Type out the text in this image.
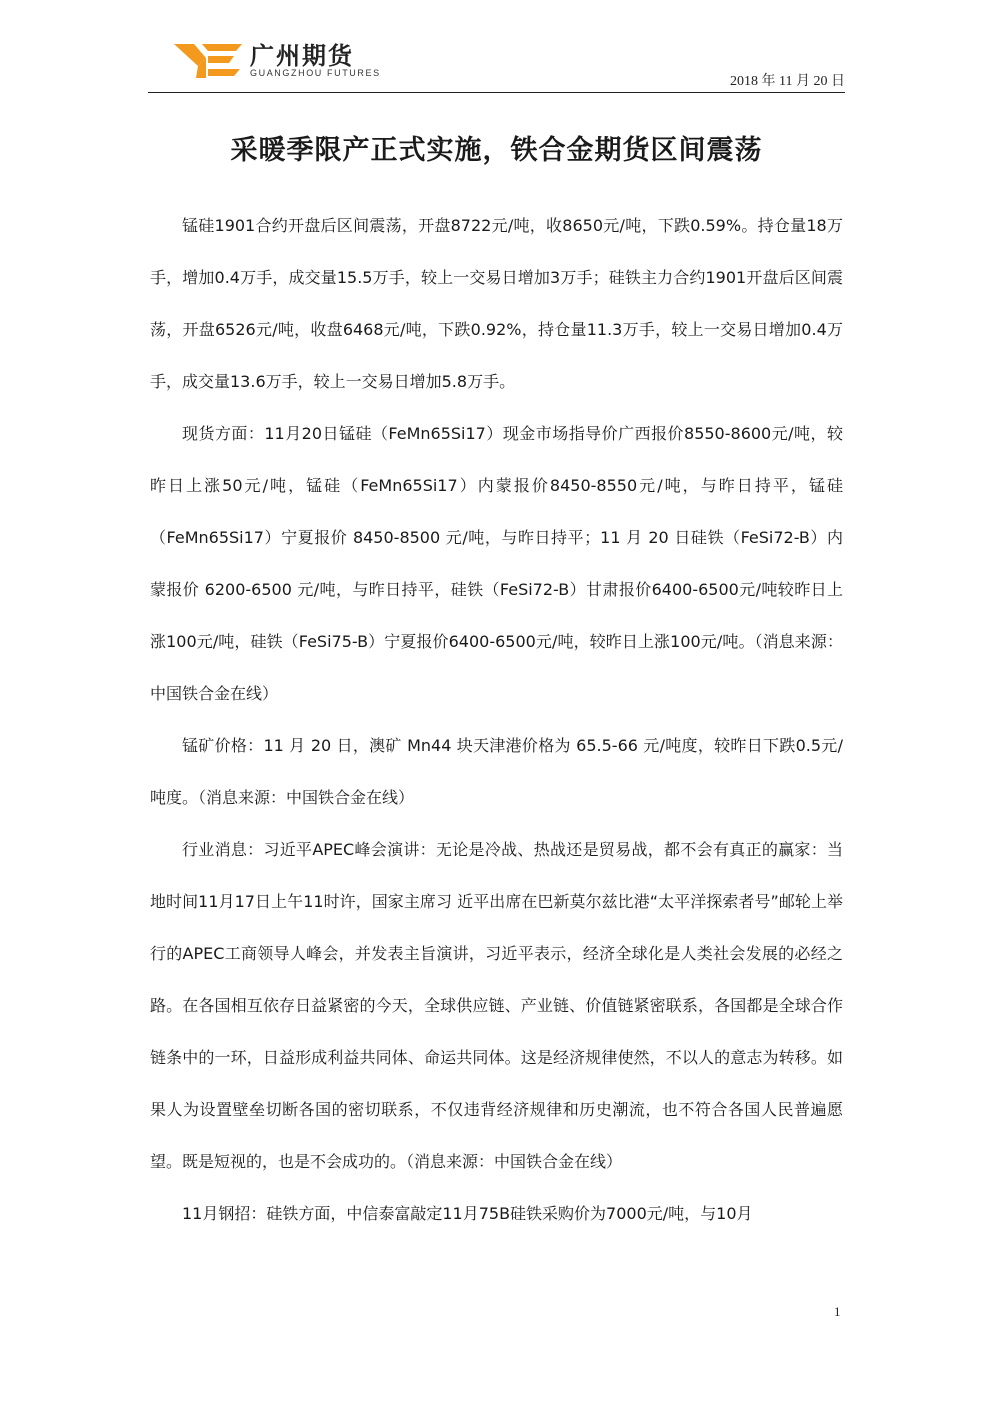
广州期货
GUANGZHOU FUTURES
2018 年 11 月 20 日
采暖季限产正式实施，铁合金期货区间震荡

锰硅1901合约开盘后区间震荡，开盘8722元/吨，收8650元/吨，下跌0.59%。持仓量18万手，增加0.4万手，成交量15.5万手，较上一交易日增加3万手；硅铁主力合约1901开盘后区间震荡，开盘6526元/吨，收盘6468元/吨，下跌0.92%，持仓量11.3万手，较上一交易日增加0.4万手，成交量13.6万手，较上一交易日增加5.8万手。

现货方面：11月20日锰硅（FeMn65Si17）现金市场指导价广西报价8550-8600元/吨，较昨日上涨50元/吨，锰硅（FeMn65Si17）内蒙报价8450-8550元/吨，与昨日持平，锰硅（FeMn65Si17）宁夏报价 8450-8500 元/吨，与昨日持平；11 月 20 日硅铁（FeSi72-B）内蒙报价 6200-6500 元/吨，与昨日持平，硅铁（FeSi72-B）甘肃报价6400-6500元/吨较昨日上涨100元/吨，硅铁（FeSi75-B）宁夏报价6400-6500元/吨，较昨日上涨100元/吨。（消息来源：中国铁合金在线）

锰矿价格：11 月 20 日，澳矿 Mn44 块天津港价格为 65.5-66 元/吨度，较昨日下跌0.5元/吨度。（消息来源：中国铁合金在线）

行业消息：习近平APEC峰会演讲：无论是冷战、热战还是贸易战，都不会有真正的赢家：当地时间11月17日上午11时许，国家主席习 近平出席在巴新莫尔兹比港“太平洋探索者号”邮轮上举行的APEC工商领导人峰会，并发表主旨演讲，习近平表示，经济全球化是人类社会发展的必经之路。在各国相互依存日益紧密的今天，全球供应链、产业链、价值链紧密联系，各国都是全球合作链条中的一环，日益形成利益共同体、命运共同体。这是经济规律使然，不以人的意志为转移。如果人为设置壁垒切断各国的密切联系，不仅违背经济规律和历史潮流，也不符合各国人民普遍愿望。既是短视的，也是不会成功的。（消息来源：中国铁合金在线）

11月钢招：硅铁方面，中信泰富敲定11月75B硅铁采购价为7000元/吨，与10月

1
